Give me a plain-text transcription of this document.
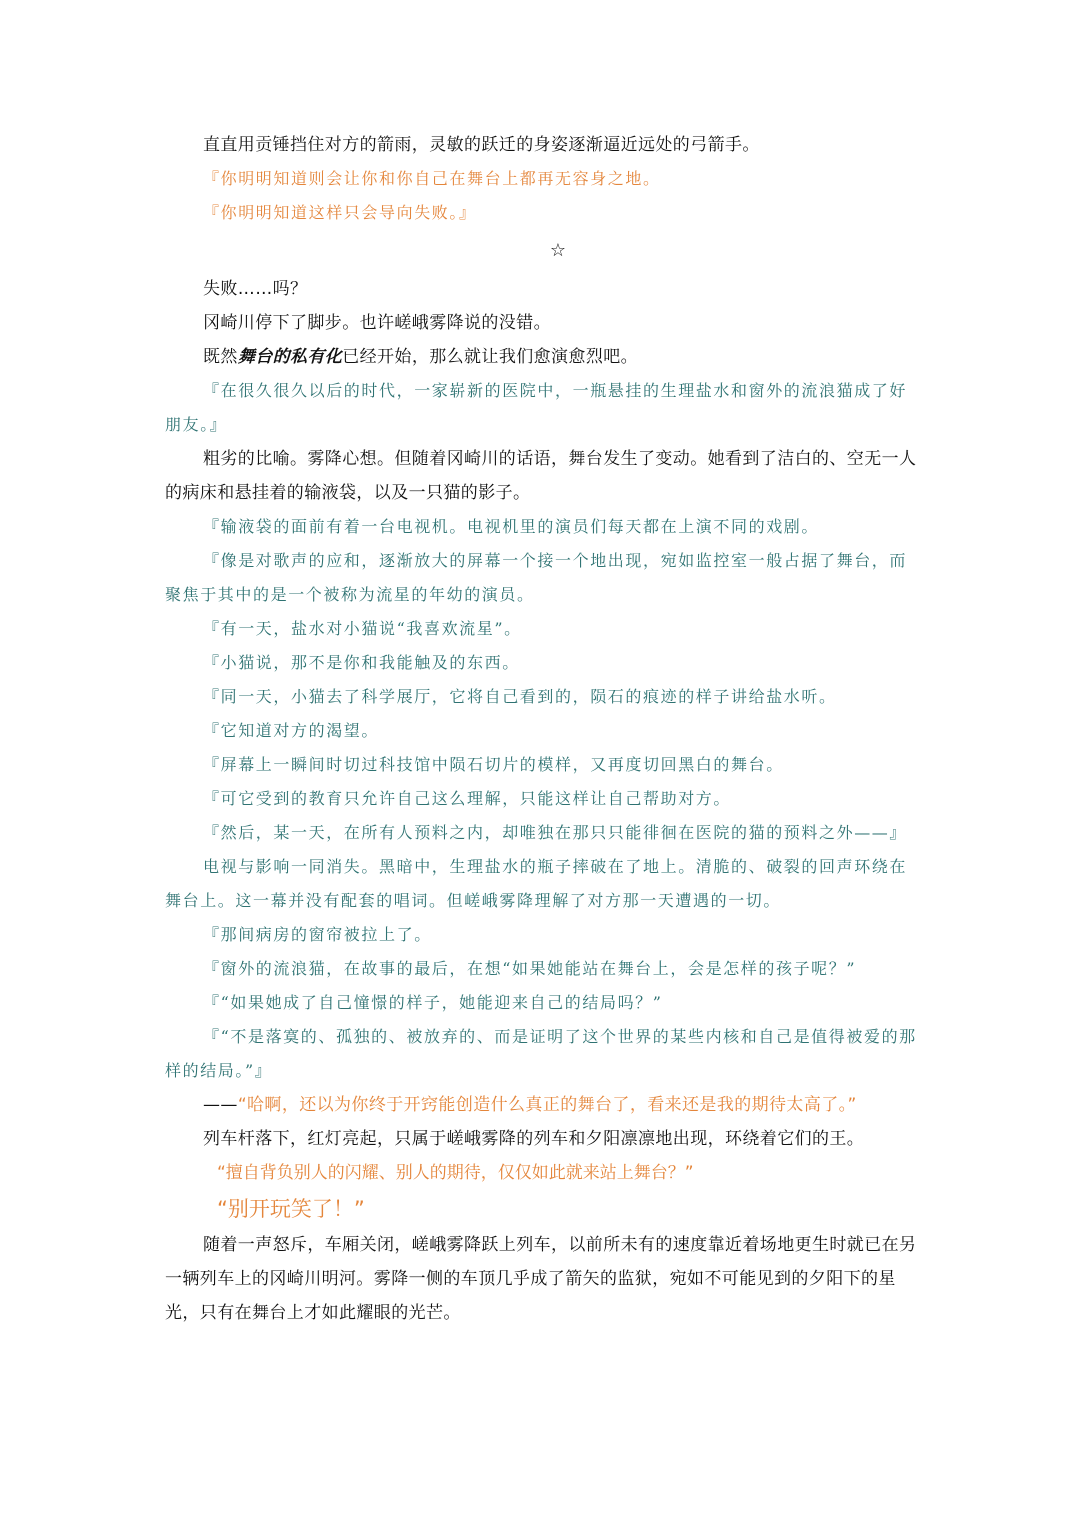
直直用贡锤挡住对方的箭雨，灵敏的跃迁的身姿逐渐逼近远处的弓箭手。

『你明明知道则会让你和你自己在舞台上都再无容身之地。

『你明明知道这样只会导向失败。』

☆

失败……吗？

冈崎川停下了脚步。也许嵯峨雾降说的没错。

既然舞台的私有化已经开始，那么就让我们愈演愈烈吧。

『在很久很久以后的时代，一家崭新的医院中，一瓶悬挂的生理盐水和窗外的流浪猫成了好朋友。』

粗劣的比喻。雾降心想。但随着冈崎川的话语，舞台发生了变动。她看到了洁白的、空无一人的病床和悬挂着的输液袋，以及一只猫的影子。

『输液袋的面前有着一台电视机。电视机里的演员们每天都在上演不同的戏剧。

『像是对歌声的应和，逐渐放大的屏幕一个接一个地出现，宛如监控室一般占据了舞台，而聚焦于其中的是一个被称为流星的年幼的演员。

『有一天，盐水对小猫说“我喜欢流星”。

『小猫说，那不是你和我能触及的东西。

『同一天，小猫去了科学展厅，它将自己看到的，陨石的痕迹的样子讲给盐水听。

『它知道对方的渴望。

『屏幕上一瞬间时切过科技馆中陨石切片的模样，又再度切回黑白的舞台。

『可它受到的教育只允许自己这么理解，只能这样让自己帮助对方。

『然后，某一天，在所有人预料之内，却唯独在那只只能徘徊在医院的猫的预料之外——』

电视与影响一同消失。黑暗中，生理盐水的瓶子摔破在了地上。清脆的、破裂的回声环绕在舞台上。这一幕并没有配套的唱词。但嵯峨雾降理解了对方那一天遭遇的一切。

『那间病房的窗帘被拉上了。

『窗外的流浪猫，在故事的最后，在想“如果她能站在舞台上，会是怎样的孩子呢？”

『“如果她成了自己憧憬的样子，她能迎来自己的结局吗？”

『“不是落寞的、孤独的、被放弃的、而是证明了这个世界的某些内核和自己是值得被爱的那样的结局。”』

——“哈啊，还以为你终于开窍能创造什么真正的舞台了，看来还是我的期待太高了。”

列车杆落下，红灯亮起，只属于嵯峨雾降的列车和夕阳凛凛地出现，环绕着它们的王。

“擅自背负别人的闪耀、别人的期待，仅仅如此就来站上舞台？”

“别开玩笑了！”

随着一声怒斥，车厢关闭，嵯峨雾降跃上列车，以前所未有的速度靠近着场地更生时就已在另一辆列车上的冈崎川明河。雾降一侧的车顶几乎成了箭矢的监狱，宛如不可能见到的夕阳下的星光，只有在舞台上才如此耀眼的光芒。
